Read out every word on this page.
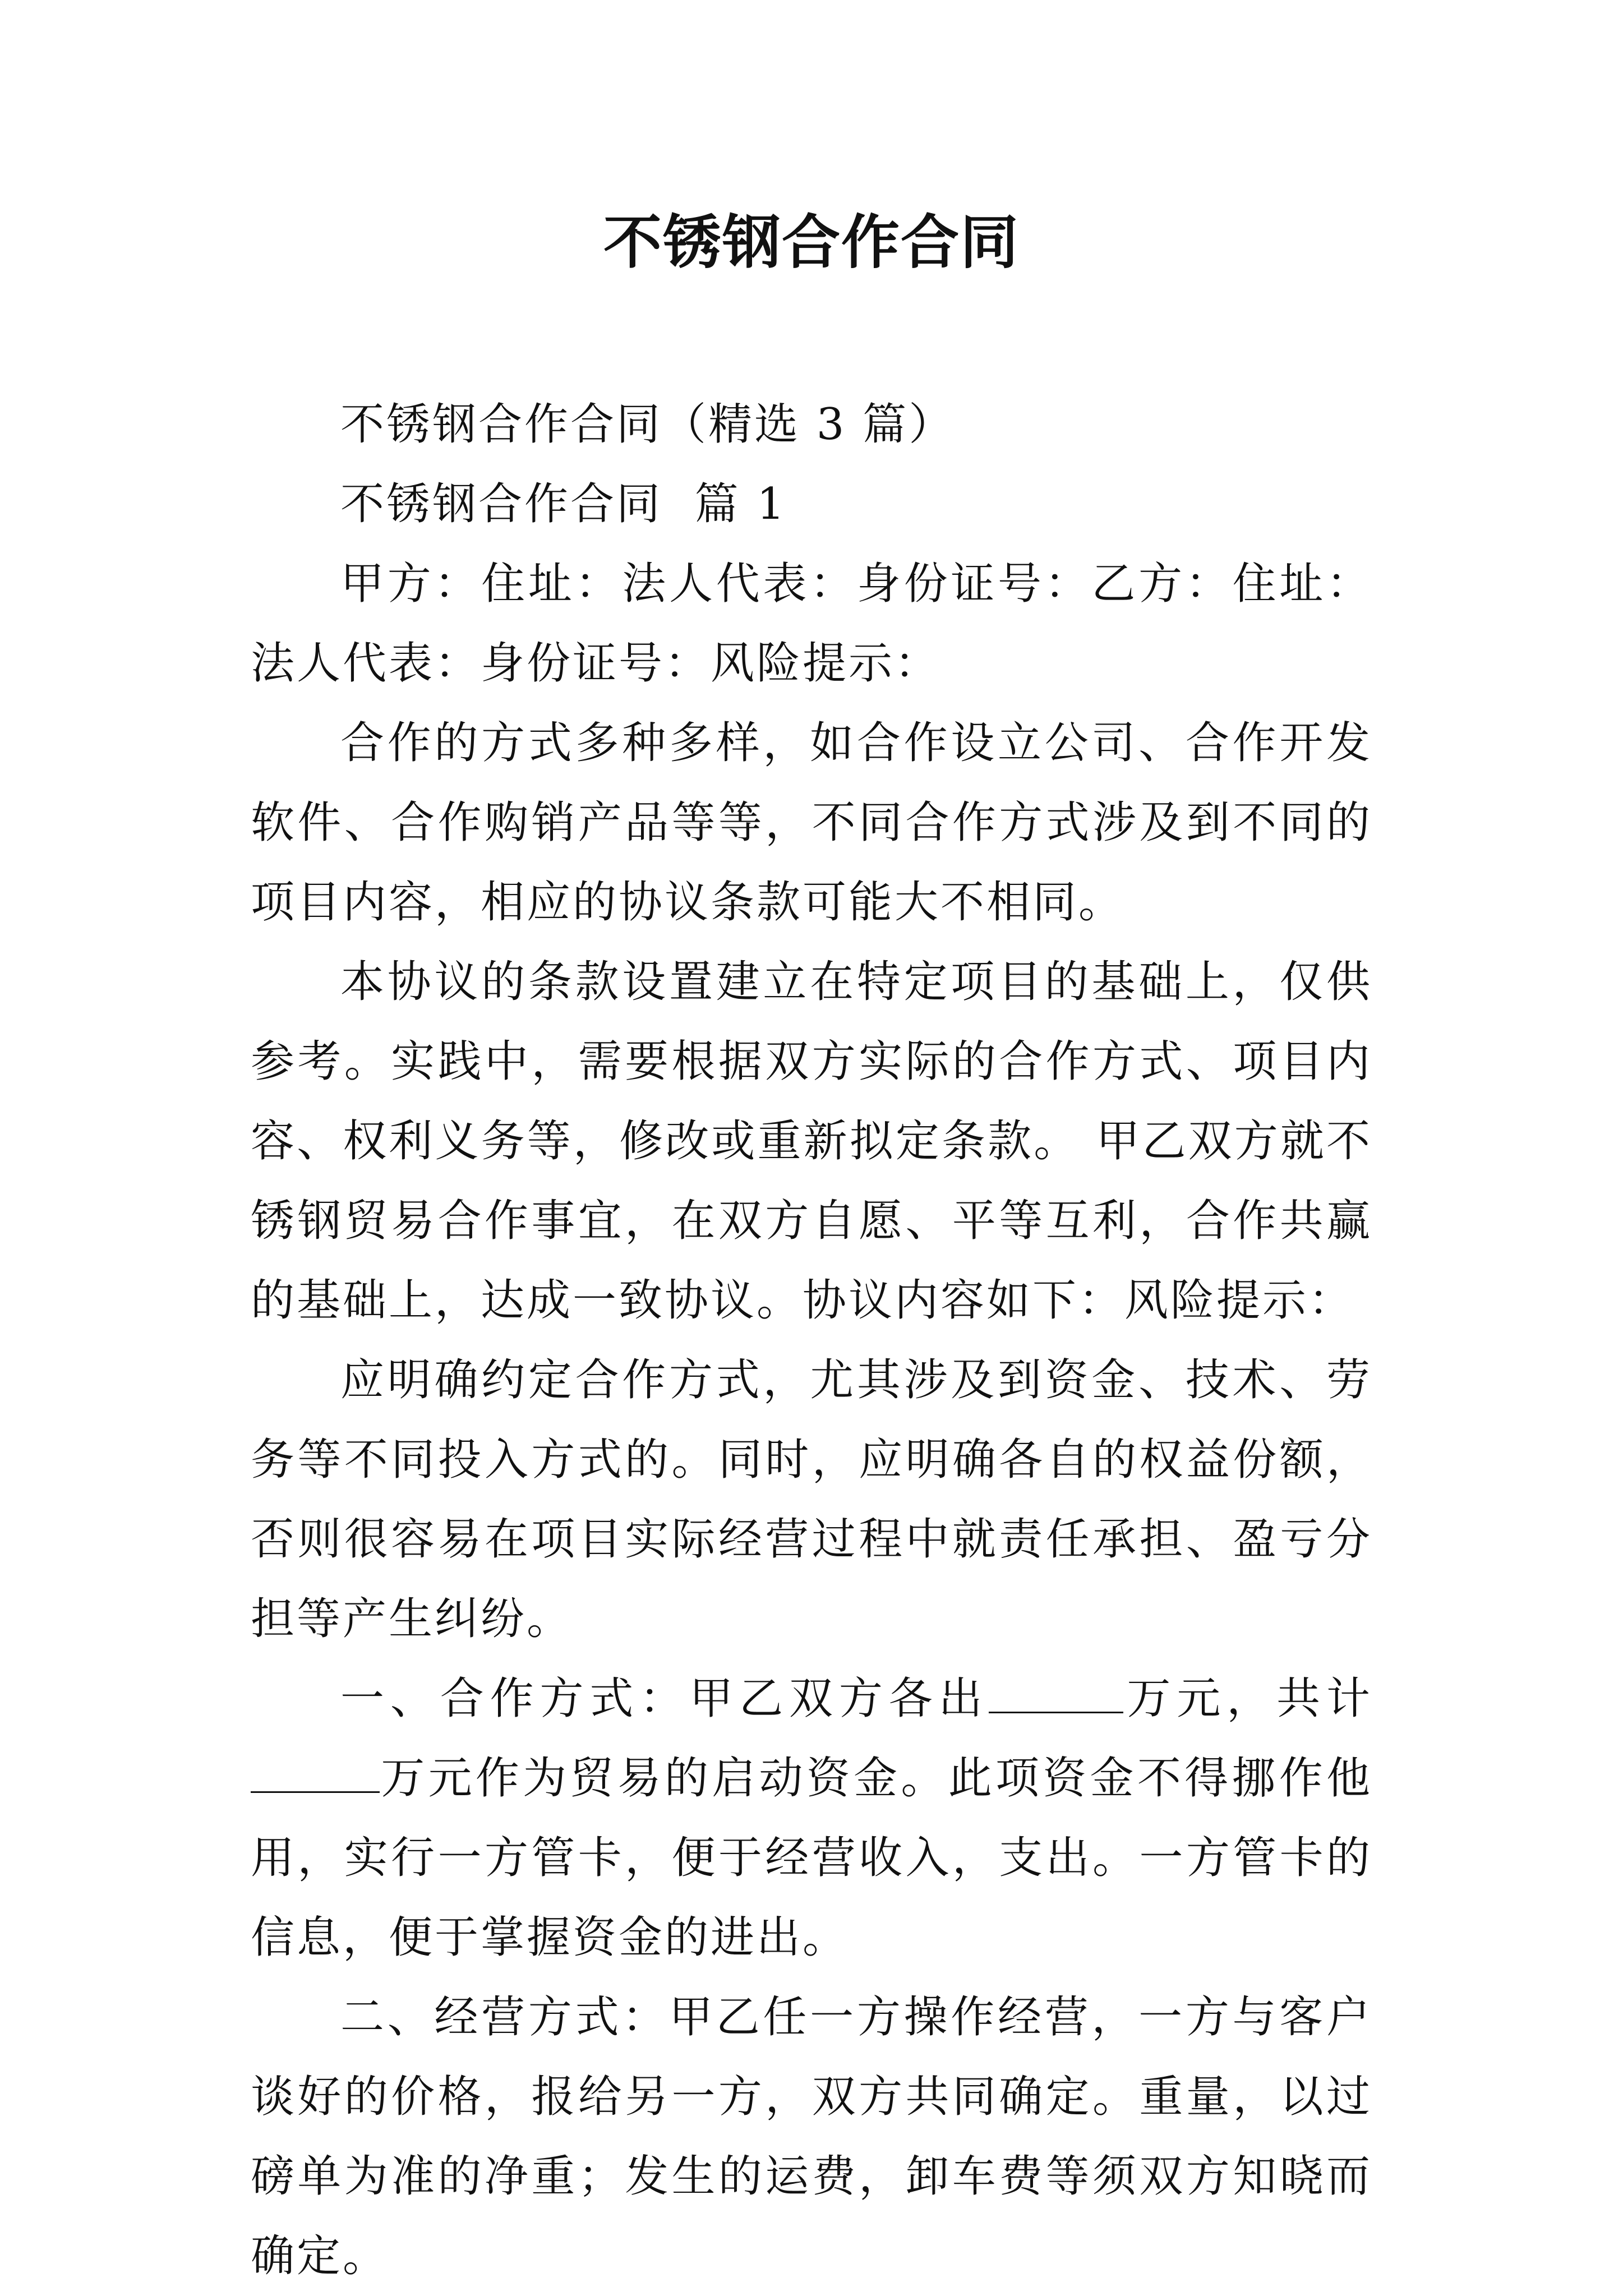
不锈钢合作合同

不锈钢合作合同（精选 3 篇）

不锈钢合作合同  篇 1

甲方：住址：法人代表：身份证号：乙方：住址：法人代表：身份证号：风险提示：

合作的方式多种多样，如合作设立公司、合作开发软件、合作购销产品等等，不同合作方式涉及到不同的项目内容，相应的协议条款可能大不相同。

本协议的条款设置建立在特定项目的基础上，仅供参考。实践中，需要根据双方实际的合作方式、项目内容、权利义务等，修改或重新拟定条款。 甲乙双方就不锈钢贸易合作事宜，在双方自愿、平等互利，合作共赢的基础上，达成一致协议。协议内容如下：风险提示：

应明确约定合作方式，尤其涉及到资金、技术、劳务等不同投入方式的。同时，应明确各自的权益份额，否则很容易在项目实际经营过程中就责任承担、盈亏分担等产生纠纷。

一、合作方式：甲乙双方各出	万元，共计万元作为贸易的启动资金。此项资金不得挪作他用，实行一方管卡，便于经营收入，支出。一方管卡的信息，便于掌握资金的进出。

二、经营方式：甲乙任一方操作经营，一方与客户谈好的价格，报给另一方，双方共同确定。重量，以过磅单为准的净重；发生的运费，卸车费等须双方知晓而确定。
